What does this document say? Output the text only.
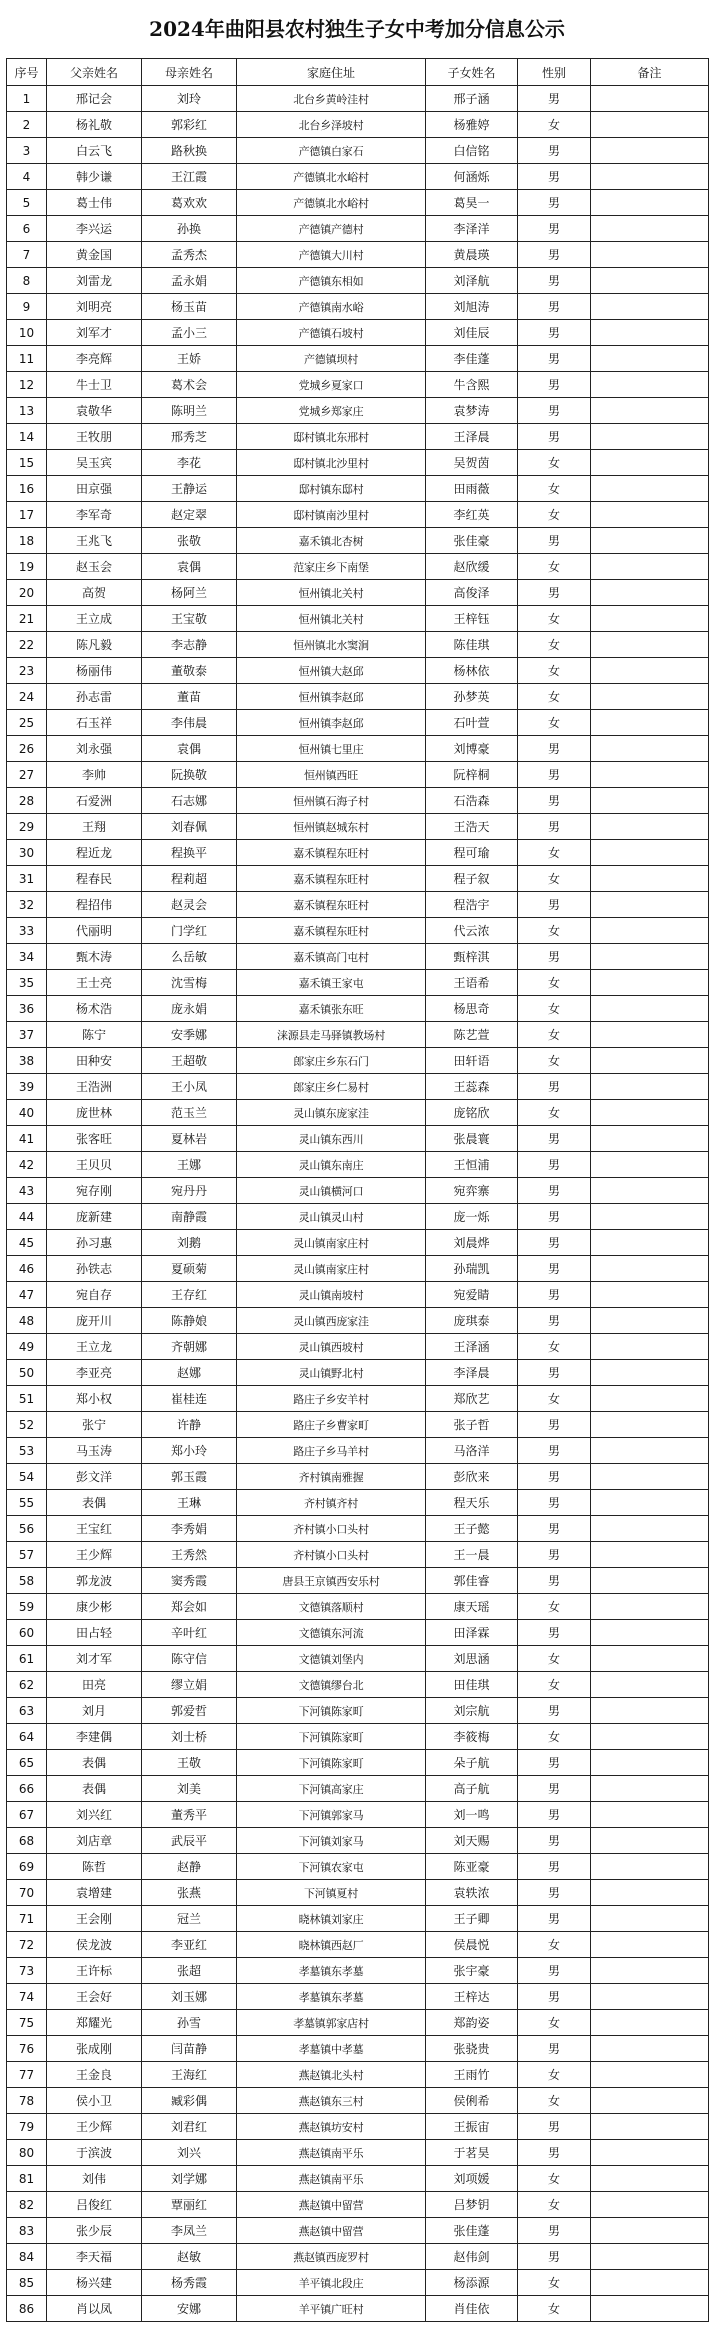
2024年曲阳县农村独生子女中考加分信息公示
序号	父亲姓名	母亲姓名	家庭住址	子女姓名	性别	备注
1	邢记会	刘玲	北台乡黄岭洼村	邢子涵	男	
2	杨礼敬	郭彩红	北台乡泽坡村	杨雅婷	女	
3	白云飞	路秋换	产德镇白家石	白信铭	男	
4	韩少谦	王江霞	产德镇北水峪村	何涵烁	男	
5	葛士伟	葛欢欢	产德镇北水峪村	葛昊一	男	
6	李兴运	孙换	产德镇产德村	李泽洋	男	
7	黄金国	孟秀杰	产德镇大川村	黄晨瑛	男	
8	刘雷龙	孟永娟	产德镇东相如	刘泽航	男	
9	刘明亮	杨玉苗	产德镇南水峪	刘旭涛	男	
10	刘军才	孟小三	产德镇石坡村	刘佳辰	男	
11	李亮辉	王娇	产德镇坝村	李佳蓬	男	
12	牛士卫	葛术会	党城乡夏家口	牛含熙	男	
13	袁敬华	陈明兰	党城乡郑家庄	袁梦涛	男	
14	王牧朋	邢秀芝	邸村镇北东邢村	王泽晨	男	
15	吴玉宾	李花	邸村镇北沙里村	吴贺茵	女	
16	田京强	王静运	邸村镇东邸村	田雨薇	女	
17	李军奇	赵定翠	邸村镇南沙里村	李红英	女	
18	王兆飞	张敬	嘉禾镇北杏树	张佳豪	男	
19	赵玉会	袁偶	范家庄乡下南堡	赵欣缓	女	
20	高贺	杨阿兰	恒州镇北关村	高俊泽	男	
21	王立成	王宝敬	恒州镇北关村	王梓钰	女	
22	陈凡毅	李志静	恒州镇北水窦涧	陈佳琪	女	
23	杨丽伟	董敬泰	恒州镇大赵邱	杨林依	女	
24	孙志雷	董苗	恒州镇李赵邱	孙梦英	女	
25	石玉祥	李伟晨	恒州镇李赵邱	石叶萱	女	
26	刘永强	袁偶	恒州镇七里庄	刘博豪	男	
27	李帅	阮换敬	恒州镇西旺	阮梓桐	男	
28	石爱洲	石志娜	恒州镇石海子村	石浩森	男	
29	王翔	刘春佩	恒州镇赵城东村	王浩天	男	
30	程近龙	程换平	嘉禾镇程东旺村	程可瑜	女	
31	程春民	程莉超	嘉禾镇程东旺村	程子叙	女	
32	程招伟	赵灵会	嘉禾镇程东旺村	程浩宇	男	
33	代丽明	门学红	嘉禾镇程东旺村	代云浓	女	
34	甄木涛	么岳敏	嘉禾镇高门屯村	甄梓淇	男	
35	王士亮	沈雪梅	嘉禾镇王家屯	王语希	女	
36	杨术浩	庞永娟	嘉禾镇张东旺	杨思奇	女	
37	陈宁	安季娜	涞源县走马驿镇教场村	陈艺萱	女	
38	田种安	王超敬	郎家庄乡东石门	田轩语	女	
39	王浩洲	王小凤	郎家庄乡仁易村	王蕊森	男	
40	庞世林	范玉兰	灵山镇东庞家洼	庞铭欣	女	
41	张客旺	夏林岩	灵山镇东西川	张晨寰	男	
42	王贝贝	王娜	灵山镇东南庄	王恒浦	男	
43	宛存刚	宛丹丹	灵山镇横河口	宛弈寨	男	
44	庞新建	南静霞	灵山镇灵山村	庞一烁	男	
45	孙习惠	刘鹅	灵山镇南家庄村	刘晨烨	男	
46	孙铁志	夏硕菊	灵山镇南家庄村	孙瑞凯	男	
47	宛自存	王存红	灵山镇南坡村	宛爱睛	男	
48	庞开川	陈静娘	灵山镇西庞家洼	庞琪泰	男	
49	王立龙	齐朝娜	灵山镇西坡村	王泽涵	女	
50	李亚亮	赵娜	灵山镇野北村	李泽晨	男	
51	郑小权	崔桂连	路庄子乡安羊村	郑欣艺	女	
52	张宁	许静	路庄子乡曹家町	张子哲	男	
53	马玉涛	郑小玲	路庄子乡马羊村	马洛洋	男	
54	彭文洋	郭玉霞	齐村镇南雅握	彭欣来	男	
55	表偶	王琳	齐村镇齐村	程天乐	男	
56	王宝红	李秀娟	齐村镇小口头村	王子懿	男	
57	王少辉	王秀然	齐村镇小口头村	王一晨	男	
58	郭龙波	窦秀霞	唐县王京镇西安乐村	郭佳睿	男	
59	康少彬	郑会如	文德镇落顺村	康天瑶	女	
60	田占轻	辛叶红	文德镇东河流	田泽霖	男	
61	刘才军	陈守信	文德镇刘堡内	刘思涵	女	
62	田亮	缪立娟	文德镇缪台北	田佳琪	女	
63	刘月	郭爱哲	下河镇陈家町	刘宗航	男	
64	李建偶	刘士桥	下河镇陈家町	李筱梅	女	
65	表偶	王敬	下河镇陈家町	朵子航	男	
66	表偶	刘美	下河镇高家庄	高子航	男	
67	刘兴红	董秀平	下河镇郭家马	刘一鸣	男	
68	刘店章	武辰平	下河镇刘家马	刘天赐	男	
69	陈哲	赵静	下河镇农家屯	陈亚豪	男	
70	袁增建	张燕	下河镇夏村	袁轶浓	男	
71	王会刚	冠兰	晓林镇刘家庄	王子卿	男	
72	侯龙波	李亚红	晓林镇西赵厂	侯晨悦	女	
73	王许标	张超	孝墓镇东孝墓	张宇豪	男	
74	王会好	刘玉娜	孝墓镇东孝墓	王梓达	男	
75	郑耀光	孙雪	孝墓镇郭家店村	郑韵姿	女	
76	张成刚	闫苗静	孝墓镇中孝墓	张骁贵	男	
77	王金良	王海红	燕赵镇北头村	王雨竹	女	
78	侯小卫	臧彩偶	燕赵镇东三村	侯俐希	女	
79	王少辉	刘君红	燕赵镇坊安村	王振宙	男	
80	于滨波	刘兴	燕赵镇南平乐	于茗昊	男	
81	刘伟	刘学娜	燕赵镇南平乐	刘项媛	女	
82	吕俊红	覃丽红	燕赵镇中留营	吕梦钥	女	
83	张少辰	李凤兰	燕赵镇中留营	张佳蓬	男	
84	李天福	赵敏	燕赵镇西庞罗村	赵伟剑	男	
85	杨兴建	杨秀霞	羊平镇北段庄	杨添源	女	
86	肖以凤	安娜	羊平镇广旺村	肖佳依	女	
